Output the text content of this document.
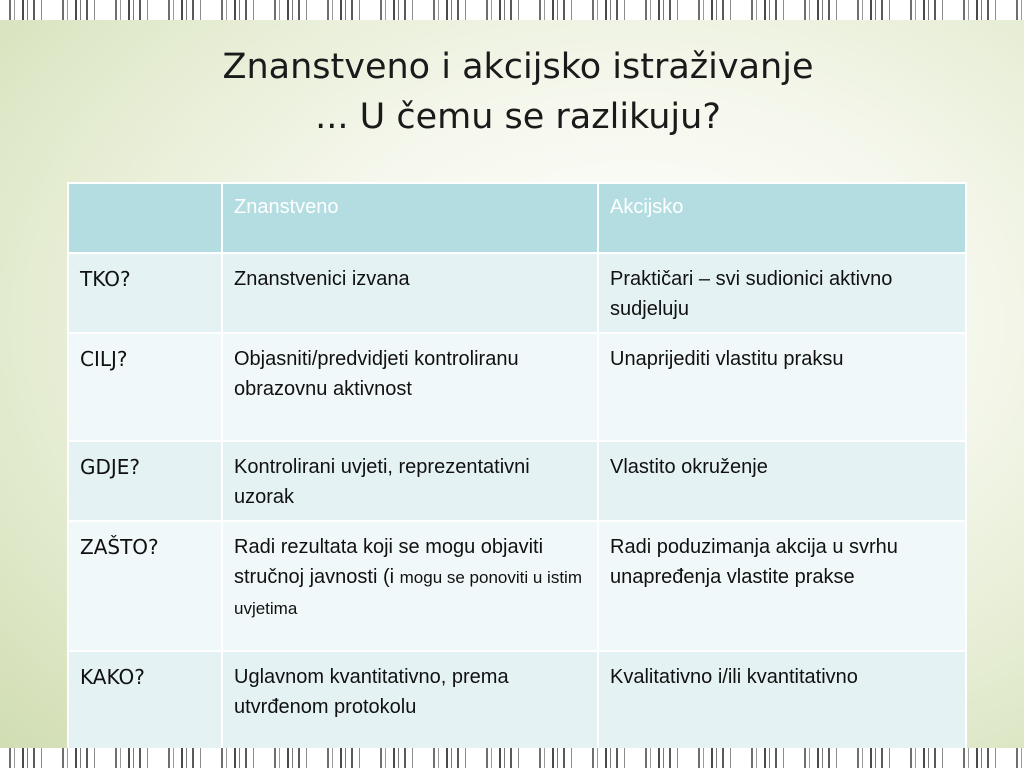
Znanstveno i akcijsko istraživanje
... U čemu se razlikuju?
	Znanstveno	Akcijsko
TKO?	Znanstvenici izvana	Praktičari – svi sudionici aktivno sudjeluju
CILJ?	Objasniti/predvidjeti kontroliranu obrazovnu aktivnost	Unaprijediti vlastitu praksu
GDJE?	Kontrolirani uvjeti, reprezentativni uzorak	Vlastito okruženje
ZAŠTO?	Radi rezultata koji se mogu objaviti stručnoj javnosti (i mogu se ponoviti u istim uvjetima	Radi poduzimanja akcija u svrhu unapređenja vlastite prakse
KAKO?	Uglavnom kvantitativno, prema utvrđenom protokolu	Kvalitativno i/ili kvantitativno
